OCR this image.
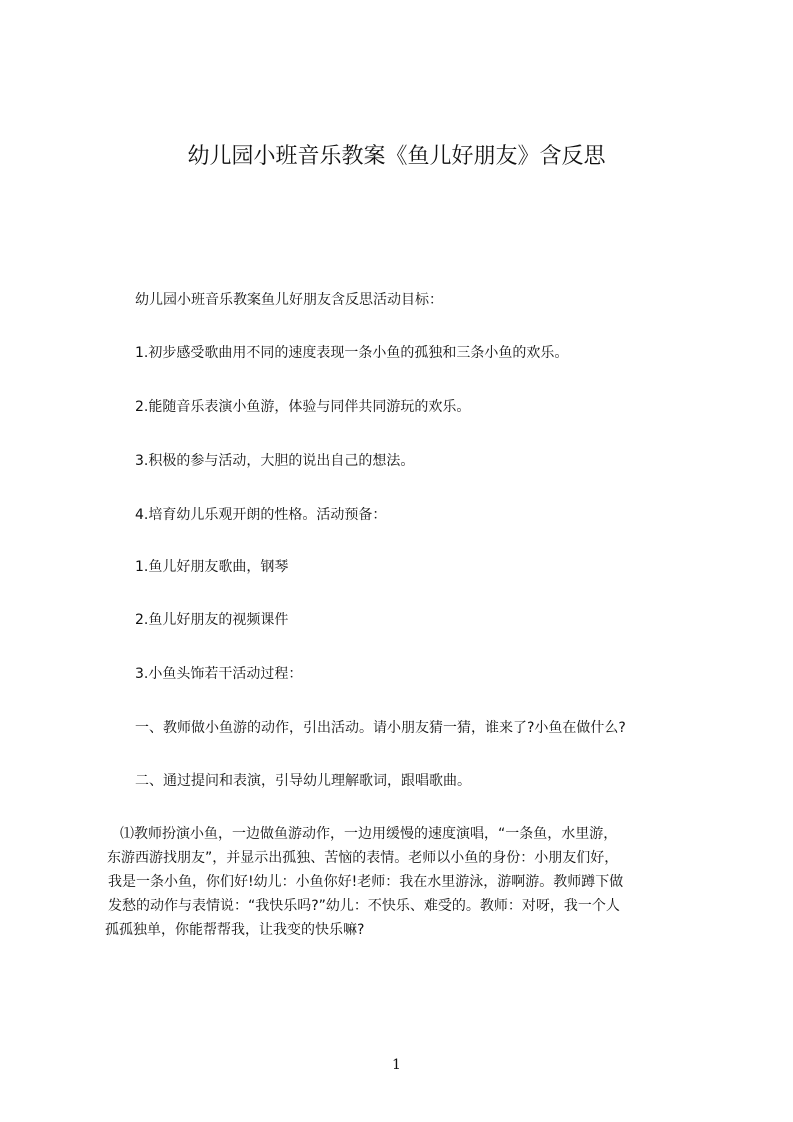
幼儿园小班音乐教案《鱼儿好朋友》含反思

幼儿园小班音乐教案鱼儿好朋友含反思活动目标：

1.初步感受歌曲用不同的速度表现一条小鱼的孤独和三条小鱼的欢乐。

2.能随音乐表演小鱼游，体验与同伴共同游玩的欢乐。

3.积极的参与活动，大胆的说出自己的想法。

4.培育幼儿乐观开朗的性格。活动预备：

1.鱼儿好朋友歌曲，钢琴

2.鱼儿好朋友的视频课件

3.小鱼头饰若干活动过程：

一、教师做小鱼游的动作，引出活动。请小朋友猜一猜，谁来了?小鱼在做什么?

二、通过提问和表演，引导幼儿理解歌词，跟唱歌曲。

⑴教师扮演小鱼，一边做鱼游动作，一边用缓慢的速度演唱，“一条鱼，水里游，
东游西游找朋友”，并显示出孤独、苦恼的表情。老师以小鱼的身份：小朋友们好，
我是一条小鱼，你们好!幼儿：小鱼你好!老师：我在水里游泳，游啊游。教师蹲下做
发愁的动作与表情说：“我快乐吗?”幼儿：不快乐、难受的。教师：对呀，我一个人
孤孤独单，你能帮帮我，让我变的快乐嘛?
1
